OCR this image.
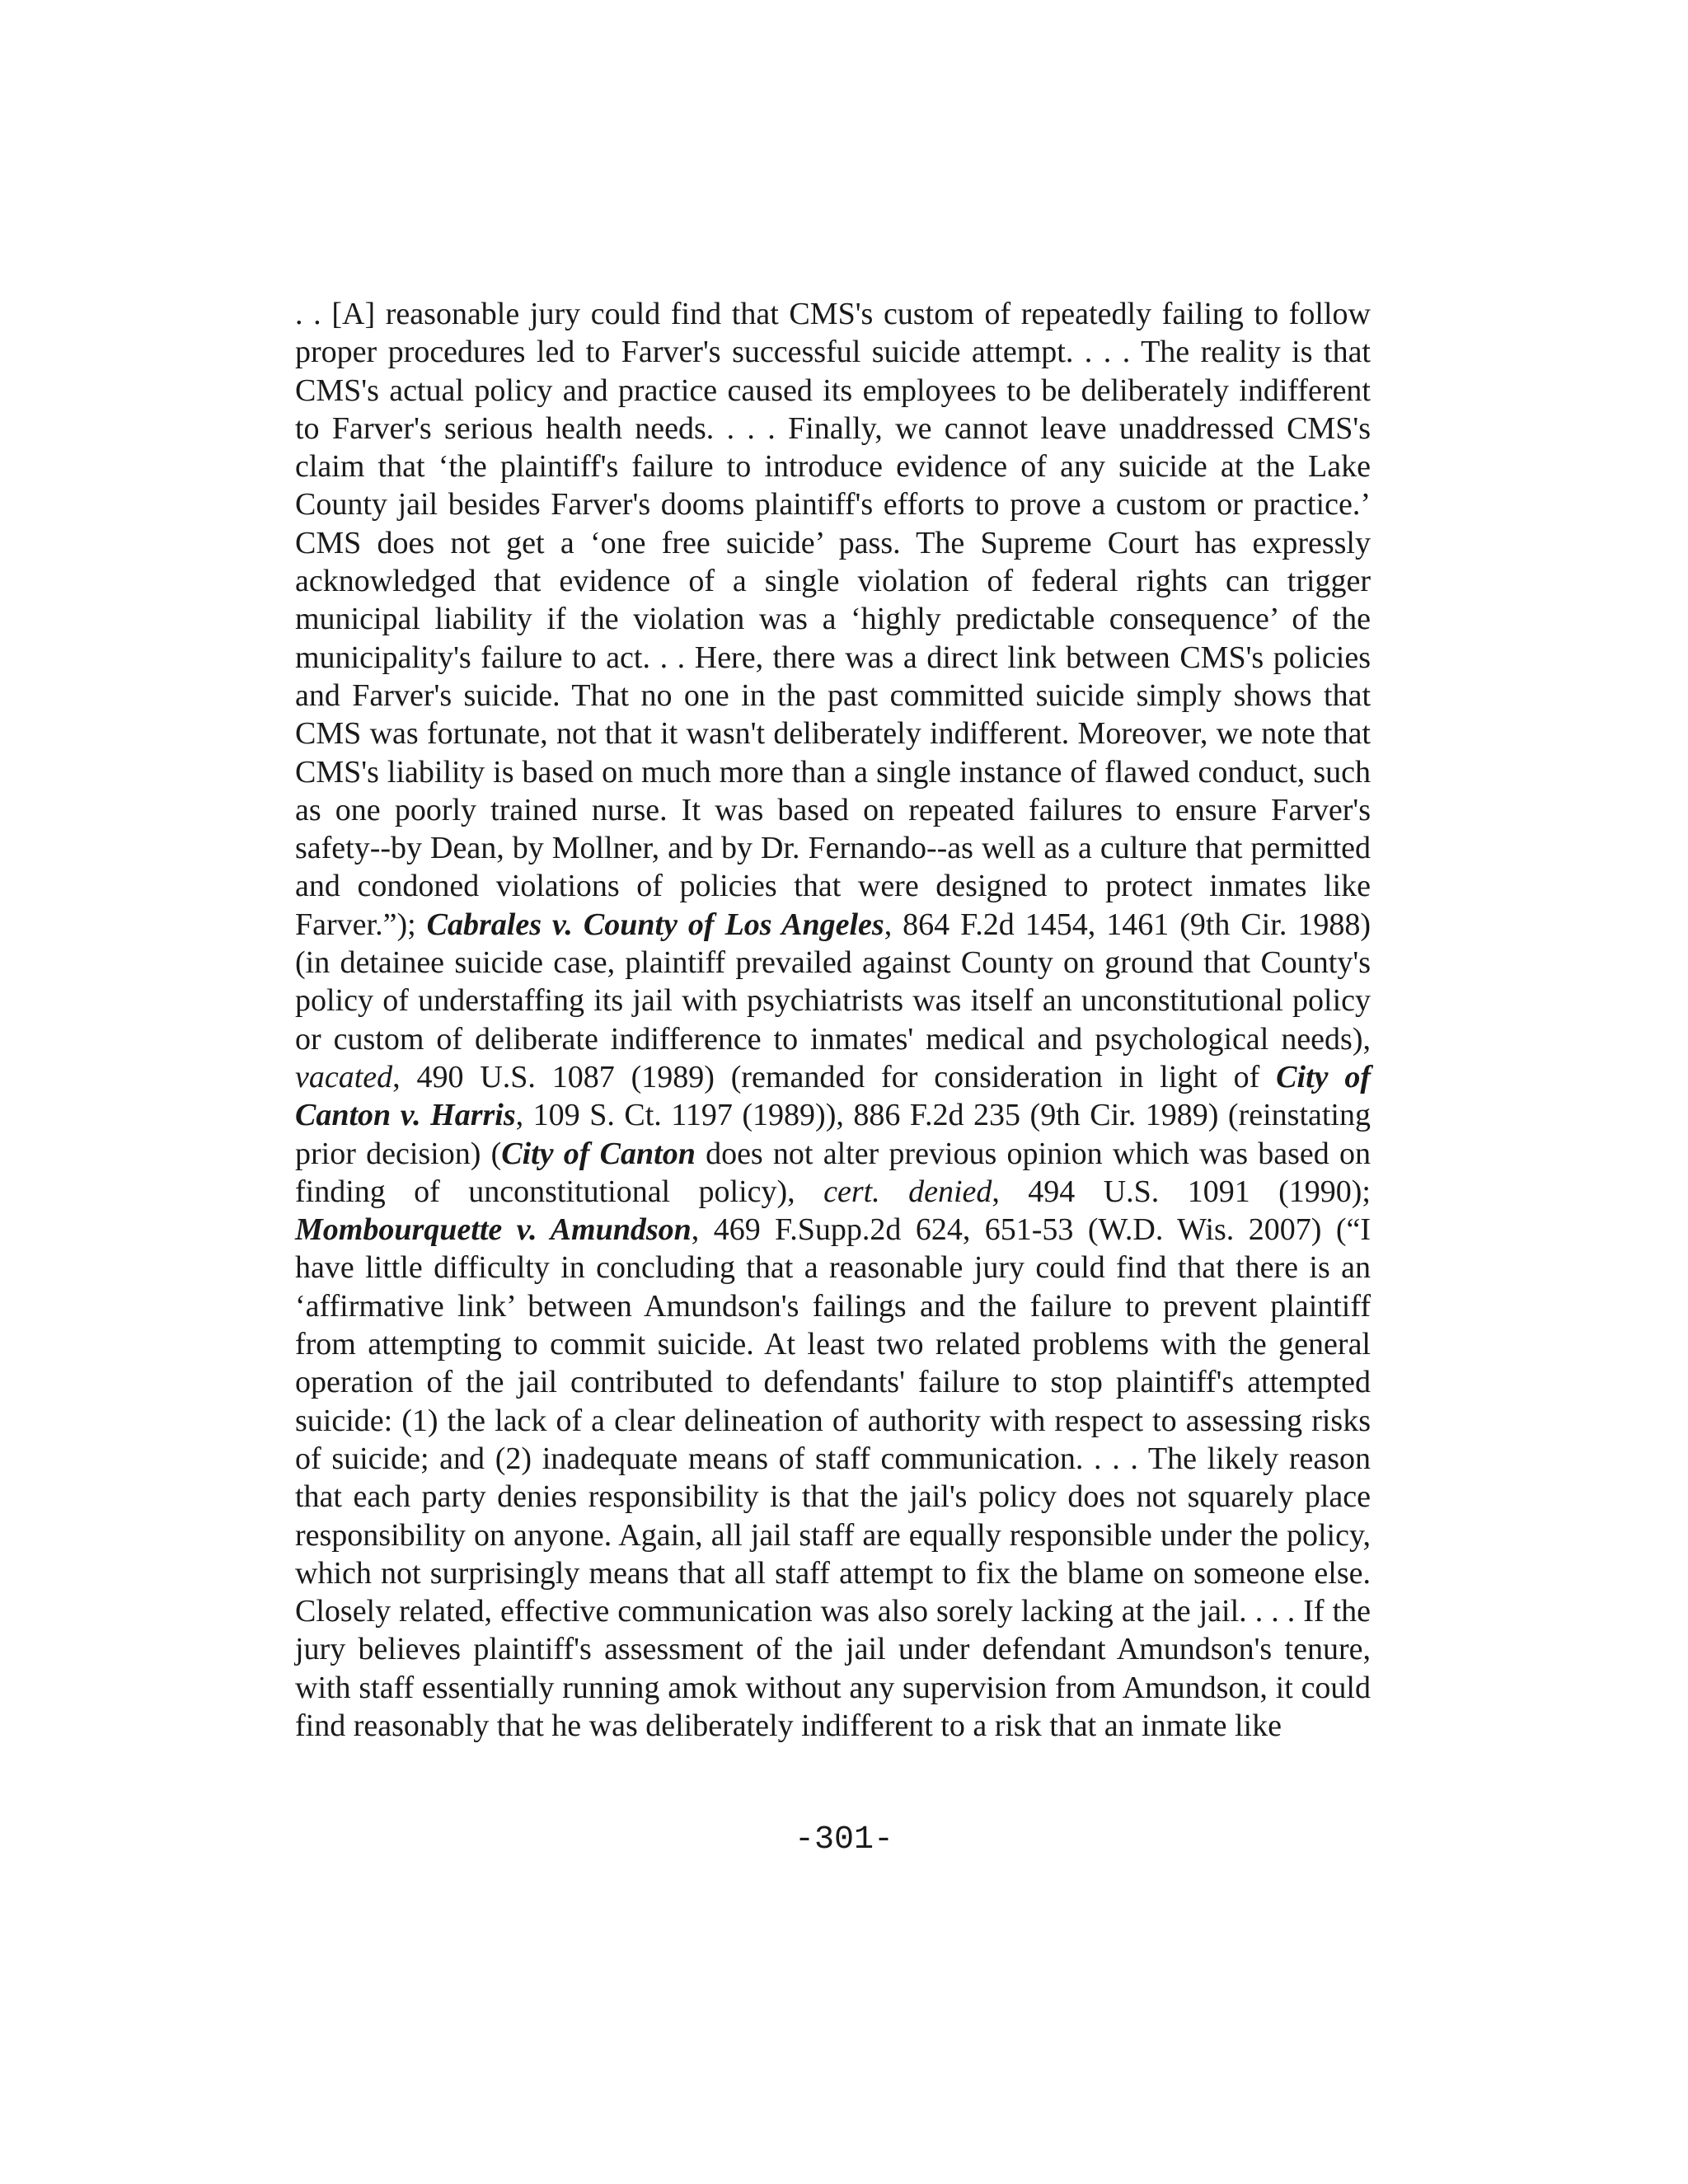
. . [A] reasonable jury could find that CMS's custom of repeatedly failing to follow proper procedures led to Farver's successful suicide attempt. . . . The reality is that CMS's actual policy and practice caused its employees to be deliberately indifferent to Farver's serious health needs. . . . Finally, we cannot leave unaddressed CMS's claim that ‘the plaintiff's failure to introduce evidence of any suicide at the Lake County jail besides Farver's dooms plaintiff's efforts to prove a custom or practice.’ CMS does not get a ‘one free suicide’ pass. The Supreme Court has expressly acknowledged that evidence of a single violation of federal rights can trigger municipal liability if the violation was a ‘highly predictable consequence’ of the municipality's failure to act. . . Here, there was a direct link between CMS's policies and Farver's suicide. That no one in the past committed suicide simply shows that CMS was fortunate, not that it wasn't deliberately indifferent. Moreover, we note that CMS's liability is based on much more than a single instance of flawed conduct, such as one poorly trained nurse. It was based on repeated failures to ensure Farver's safety--by Dean, by Mollner, and by Dr. Fernando--as well as a culture that permitted and condoned violations of policies that were designed to protect inmates like Farver.”); Cabrales v. County of Los Angeles, 864 F.2d 1454, 1461 (9th Cir. 1988) (in detainee suicide case, plaintiff prevailed against County on ground that County's policy of understaffing its jail with psychiatrists was itself an unconstitutional policy or custom of deliberate indifference to inmates' medical and psychological needs), vacated, 490 U.S. 1087 (1989) (remanded for consideration in light of City of Canton v. Harris, 109 S. Ct. 1197 (1989)), 886 F.2d 235 (9th Cir. 1989) (reinstating prior decision) (City of Canton does not alter previous opinion which was based on finding of unconstitutional policy), cert. denied, 494 U.S. 1091 (1990); Mombourquette v. Amundson, 469 F.Supp.2d 624, 651-53 (W.D. Wis. 2007) (“I have little difficulty in concluding that a reasonable jury could find that there is an ‘affirmative link’ between Amundson's failings and the failure to prevent plaintiff from attempting to commit suicide. At least two related problems with the general operation of the jail contributed to defendants' failure to stop plaintiff's attempted suicide: (1) the lack of a clear delineation of authority with respect to assessing risks of suicide; and (2) inadequate means of staff communication. . . . The likely reason that each party denies responsibility is that the jail's policy does not squarely place responsibility on anyone. Again, all jail staff are equally responsible under the policy, which not surprisingly means that all staff attempt to fix the blame on someone else. Closely related, effective communication was also sorely lacking at the jail. . . . If the jury believes plaintiff's assessment of the jail under defendant Amundson's tenure, with staff essentially running amok without any supervision from Amundson, it could find reasonably that he was deliberately indifferent to a risk that an inmate like

-301-
